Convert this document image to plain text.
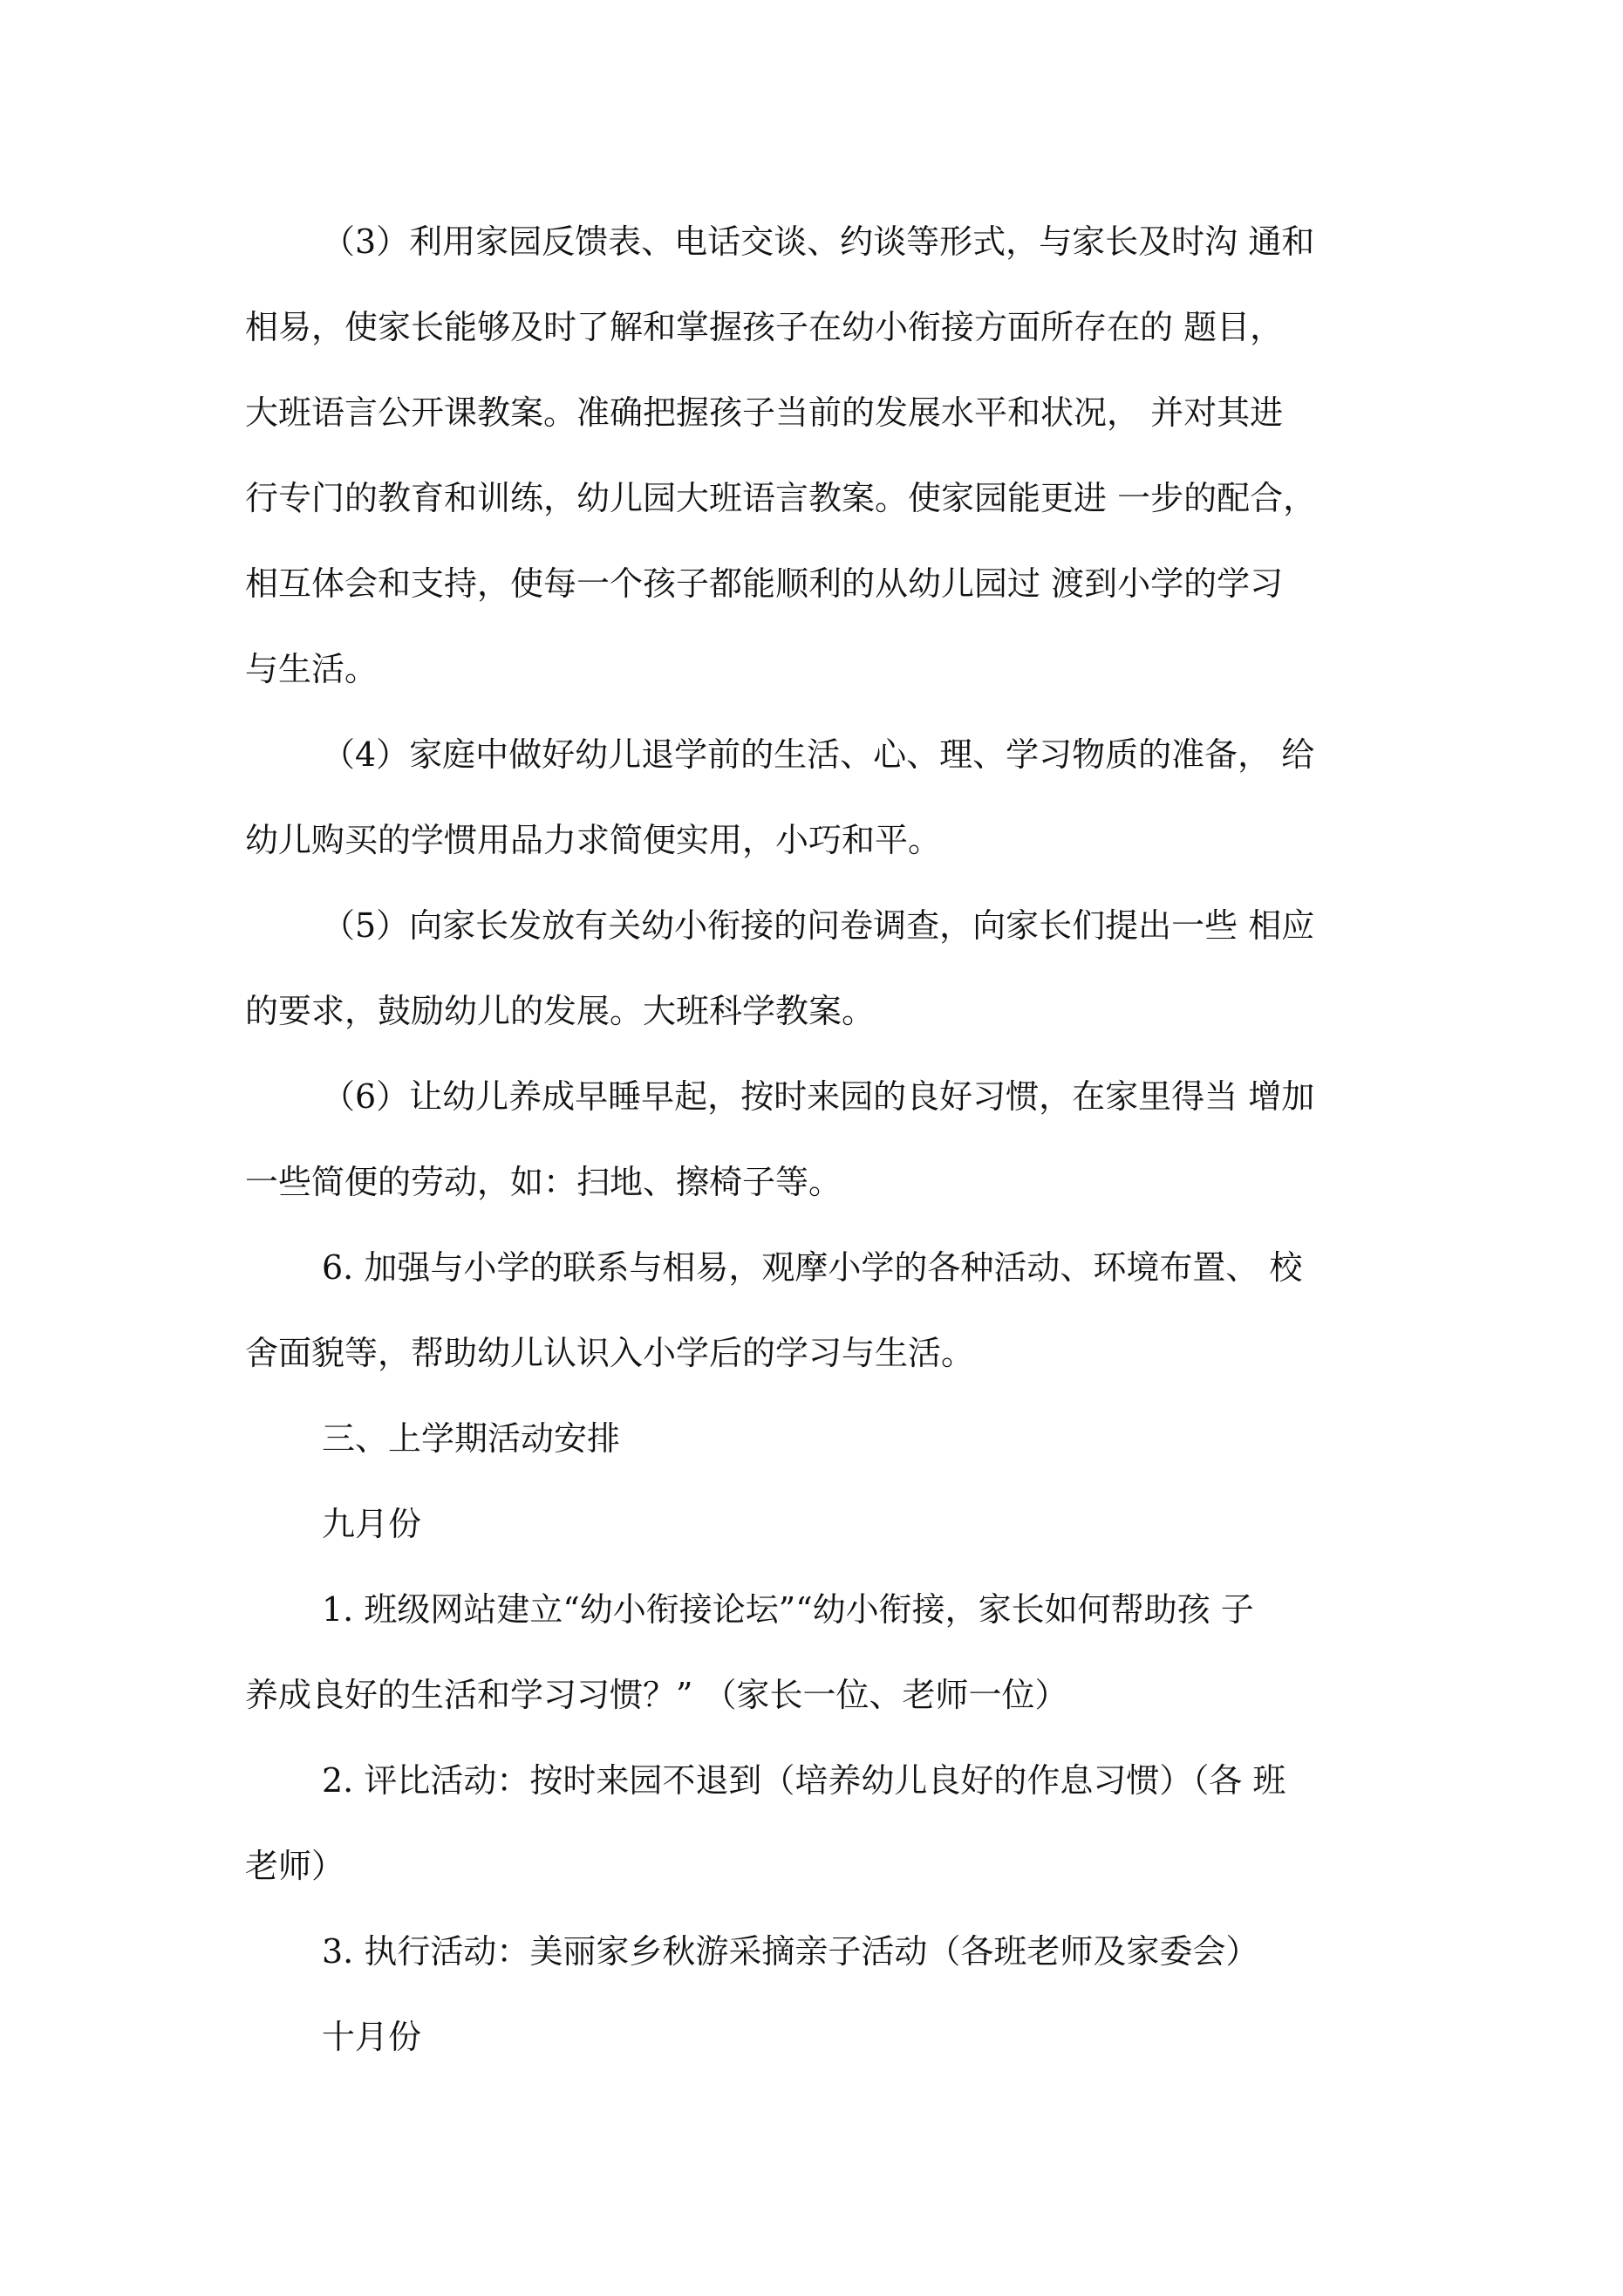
（3）利用家园反馈表、电话交谈、约谈等形式，与家长及时沟 通和
相易，使家长能够及时了解和掌握孩子在幼小衔接方面所存在的 题目，
大班语言公开课教案。准确把握孩子当前的发展水平和状况， 并对其进
行专门的教育和训练，幼儿园大班语言教案。使家园能更进 一步的配合，
相互体会和支持，使每一个孩子都能顺利的从幼儿园过 渡到小学的学习
与生活。

（4）家庭中做好幼儿退学前的生活、心、理、学习物质的准备， 给
幼儿购买的学惯用品力求简便实用，小巧和平。

（5）向家长发放有关幼小衔接的问卷调查，向家长们提出一些 相应
的要求，鼓励幼儿的发展。大班科学教案。

（6）让幼儿养成早睡早起，按时来园的良好习惯，在家里得当 增加
一些简便的劳动，如：扫地、擦椅子等。

6. 加强与小学的联系与相易，观摩小学的各种活动、环境布置、 校
舍面貌等，帮助幼儿认识入小学后的学习与生活。

三、上学期活动安排

九月份

1. 班级网站建立“幼小衔接论坛”“幼小衔接，家长如何帮助孩 子
养成良好的生活和学习习惯？” （家长一位、老师一位）

2. 评比活动：按时来园不退到（培养幼儿良好的作息习惯）（各 班
老师）

3. 执行活动：美丽家乡秋游采摘亲子活动（各班老师及家委会）

十月份
